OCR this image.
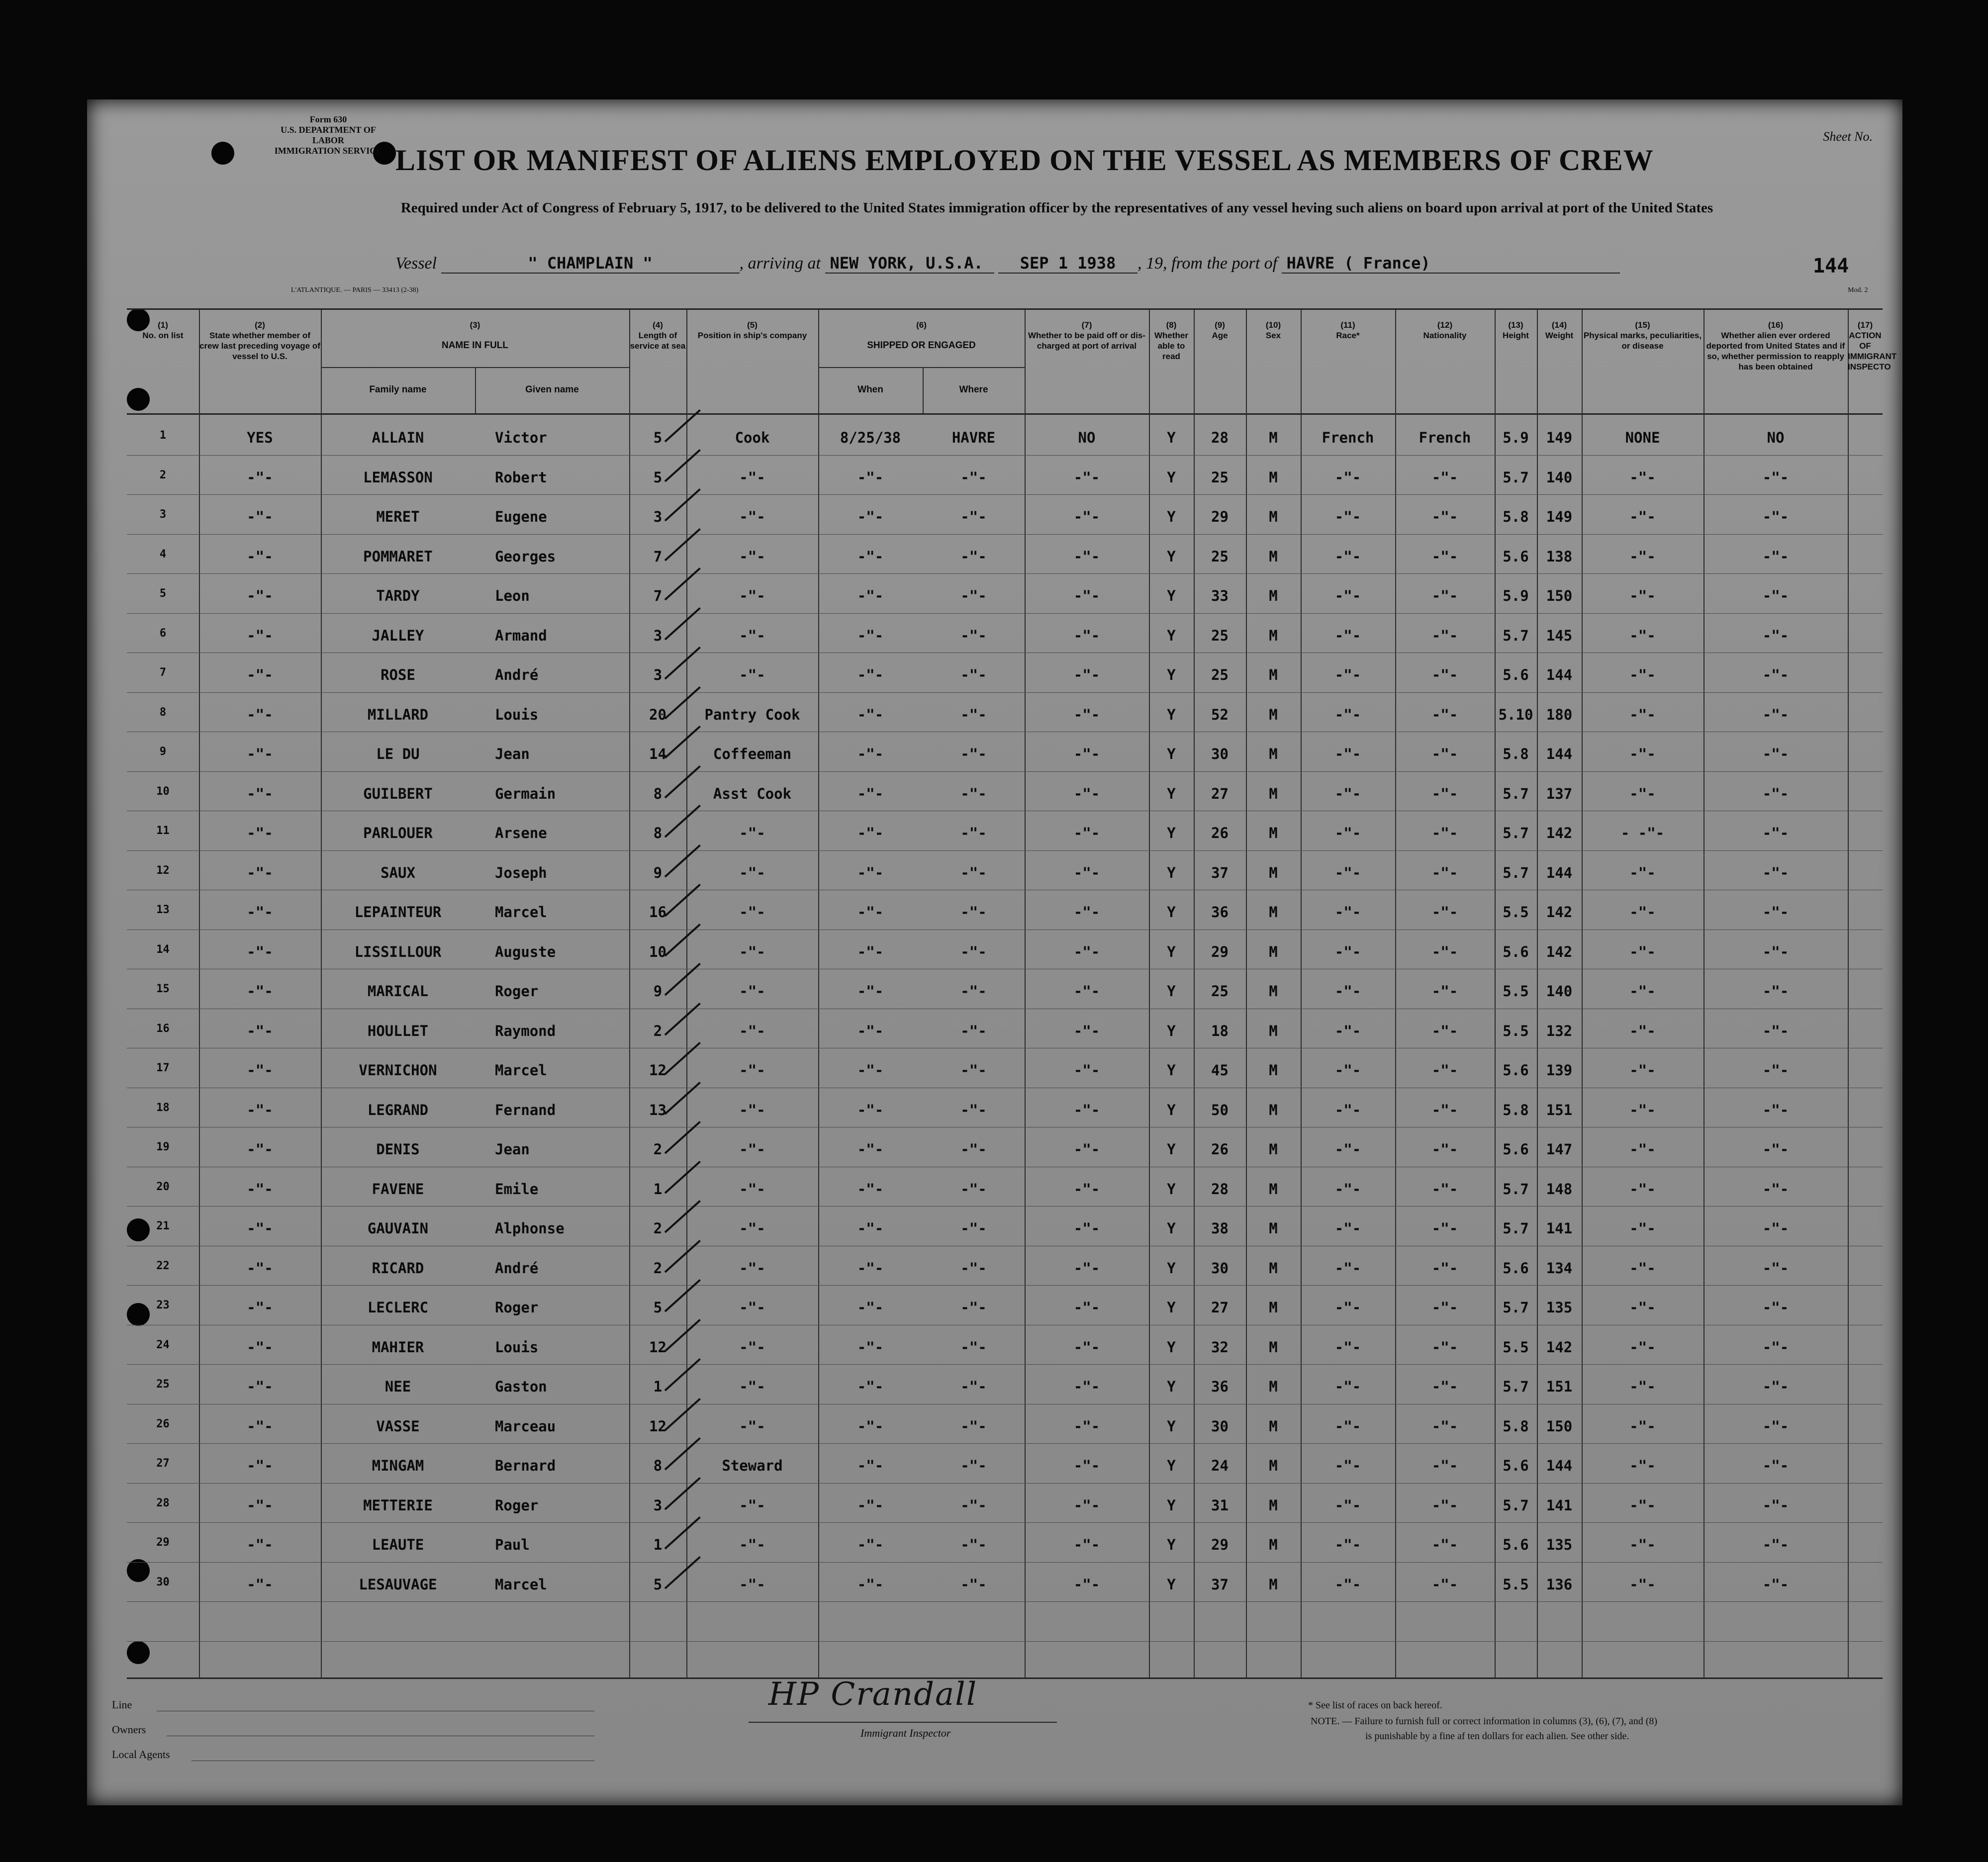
Form 630
U.S. DEPARTMENT OF LABOR
IMMIGRATION SERVICE
Sheet No.
LIST OR MANIFEST OF ALIENS EMPLOYED ON THE VESSEL AS MEMBERS OF CREW
Required under Act of Congress of February 5, 1917, to be delivered to the United States immigration officer by the representatives of any vessel heving such aliens on board upon arrival at port of the United States
Vessel	" CHAMPLAIN "	, arriving at NEW YORK, U.S.A. SEP 1 1938 , 19, from the port of HAVRE ( France)	144
L'ATLANTIQUE. — PARIS — 33413 (2-38)	Mod. 2
(1)
No. on list
(2)
State whether member of crew last preceding voyage of vessel to U.S.
(3)
NAME IN FULL
(4)
Length of service at sea
(5)
Position in ship's company
(6)
SHIPPED OR ENGAGED
(7)
Whether to be paid off or dis-charged at port of arrival
(8)
Whether able to read
(9)
Age
(10)
Sex
(11)
Race*
(12)
Nationality
(13)
Height
(14)
Weight
(15)
Physical marks, peculiarities, or disease
(16)
Whether alien ever ordered deported from United States and if so, whether permission to reapply has been obtained
(17)
ACTION OF IMMIGRANT INSPECTO
Family name	Given name	When	Where
1	YES	ALLAIN	Victor	5	Cook	8/25/38	HAVRE	NO	Y	28	M	French	French	5.9	149	NONE	NO
2	-"-	LEMASSON	Robert	5	-"-	-"-	-"-	-"-	Y	25	M	-"-	-"-	5.7	140	-"-	-"-
3	-"-	MERET	Eugene	3	-"-	-"-	-"-	-"-	Y	29	M	-"-	-"-	5.8	149	-"-	-"-
4	-"-	POMMARET	Georges	7	-"-	-"-	-"-	-"-	Y	25	M	-"-	-"-	5.6	138	-"-	-"-
5	-"-	TARDY	Leon	7	-"-	-"-	-"-	-"-	Y	33	M	-"-	-"-	5.9	150	-"-	-"-
6	-"-	JALLEY	Armand	3	-"-	-"-	-"-	-"-	Y	25	M	-"-	-"-	5.7	145	-"-	-"-
7	-"-	ROSE	André	3	-"-	-"-	-"-	-"-	Y	25	M	-"-	-"-	5.6	144	-"-	-"-
8	-"-	MILLARD	Louis	20	Pantry Cook	-"-	-"-	-"-	Y	52	M	-"-	-"-	5.10 180	-"-	-"-
9	-"-	LE DU	Jean	14	Coffeeman	-"-	-"-	-"-	Y	30	M	-"-	-"-	5.8	144	-"-	-"-
10	-"-	GUILBERT	Germain	8	Asst Cook	-"-	-"-	-"-	Y	27	M	-"-	-"-	5.7	137	-"-	-"-
11	-"-	PARLOUER	Arsene	8	-"-	-"-	-"-	-"-	Y	26	M	-"-	-"-	5.7	142	- -"-	-"-
12	-"-	SAUX	Joseph	9	-"-	-"-	-"-	-"-	Y	37	M	-"-	-"-	5.7	144	-"-	-"-
13	-"-	LEPAINTEUR	Marcel	16	-"-	-"-	-"-	-"-	Y	36	M	-"-	-"-	5.5	142	-"-	-"-
14	-"-	LISSILLOUR	Auguste	10	-"-	-"-	-"-	-"-	Y	29	M	-"-	-"-	5.6	142	-"-	-"-
15	-"-	MARICAL	Roger	9	-"-	-"-	-"-	-"-	Y	25	M	-"-	-"-	5.5	140	-"-	-"-
16	-"-	HOULLET	Raymond	2	-"-	-"-	-"-	-"-	Y	18	M	-"-	-"-	5.5	132	-"-	-"-
17	-"-	VERNICHON	Marcel	12	-"-	-"-	-"-	-"-	Y	45	M	-"-	-"-	5.6	139	-"-	-"-
18	-"-	LEGRAND	Fernand	13	-"-	-"-	-"-	-"-	Y	50	M	-"-	-"-	5.8	151	-"-	-"-
19	-"-	DENIS	Jean	2	-"-	-"-	-"-	-"-	Y	26	M	-"-	-"-	5.6	147	-"-	-"-
20	-"-	FAVENE	Emile	1	-"-	-"-	-"-	-"-	Y	28	M	-"-	-"-	5.7	148	-"-	-"-
21	-"-	GAUVAIN	Alphonse	2	-"-	-"-	-"-	-"-	Y	38	M	-"-	-"-	5.7	141	-"-	-"-
22	-"-	RICARD	André	2	-"-	-"-	-"-	-"-	Y	30	M	-"-	-"-	5.6	134	-"-	-"-
23	-"-	LECLERC	Roger	5	-"-	-"-	-"-	-"-	Y	27	M	-"-	-"-	5.7	135	-"-	-"-
24	-"-	MAHIER	Louis	12	-"-	-"-	-"-	-"-	Y	32	M	-"-	-"-	5.5	142	-"-	-"-
25	-"-	NEE	Gaston	1	-"-	-"-	-"-	-"-	Y	36	M	-"-	-"-	5.7	151	-"-	-"-
26	-"-	VASSE	Marceau	12	-"-	-"-	-"-	-"-	Y	30	M	-"-	-"-	5.8	150	-"-	-"-
27	-"-	MINGAM	Bernard	8	Steward	-"-	-"-	-"-	Y	24	M	-"-	-"-	5.6	144	-"-	-"-
28	-"-	METTERIE	Roger	3	-"-	-"-	-"-	-"-	Y	31	M	-"-	-"-	5.7	141	-"-	-"-
29	-"-	LEAUTE	Paul	1	-"-	-"-	-"-	-"-	Y	29	M	-"-	-"-	5.6	135	-"-	-"-
30	-"-	LESAUVAGE	Marcel	5	-"-	-"-	-"-	-"-	Y	37	M	-"-	-"-	5.5	136	-"-	-"-
Line
Owners
Local Agents
HP Crandall
Immigrant Inspector
* See list of races on back hereof.
NOTE. — Failure to furnish full or correct information in columns (3), (6), (7), and (8)
is punishable by a fine af ten dollars for each alien. See other side.
